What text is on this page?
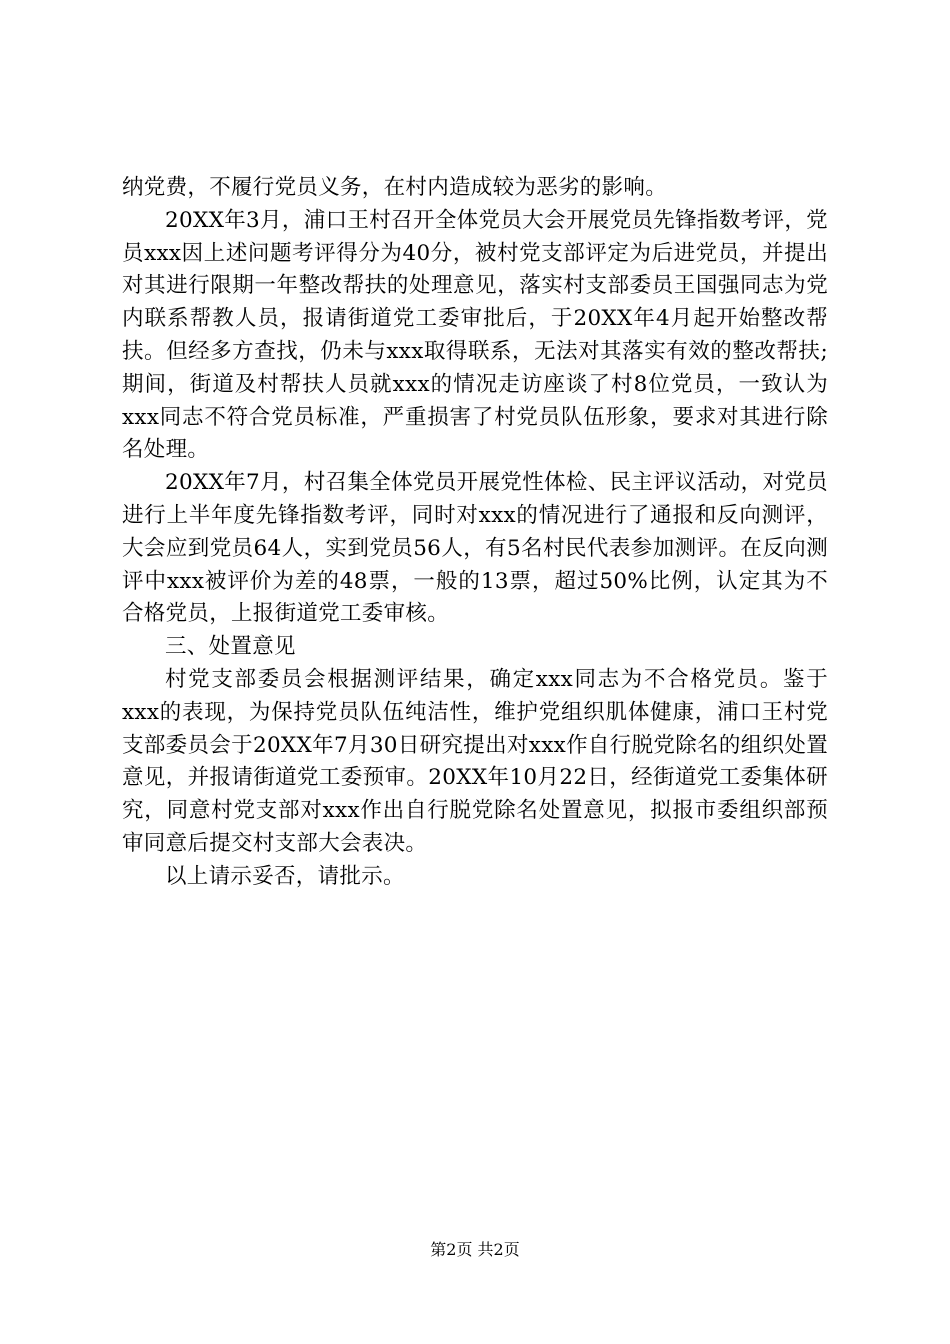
纳党费，不履行党员义务，在村内造成较为恶劣的影响。

20XX年3月，浦口王村召开全体党员大会开展党员先锋指数考评，党员xxx因上述问题考评得分为40分，被村党支部评定为后进党员，并提出对其进行限期一年整改帮扶的处理意见，落实村支部委员王国强同志为党内联系帮教人员，报请街道党工委审批后，于20XX年4月起开始整改帮扶。但经多方查找，仍未与xxx取得联系，无法对其落实有效的整改帮扶;期间，街道及村帮扶人员就xxx的情况走访座谈了村8位党员，一致认为xxx同志不符合党员标准，严重损害了村党员队伍形象，要求对其进行除名处理。

20XX年7月，村召集全体党员开展党性体检、民主评议活动，对党员进行上半年度先锋指数考评，同时对xxx的情况进行了通报和反向测评，大会应到党员64人，实到党员56人，有5名村民代表参加测评。在反向测评中xxx被评价为差的48票，一般的13票，超过50%比例，认定其为不合格党员，上报街道党工委审核。

三、处置意见

村党支部委员会根据测评结果，确定xxx同志为不合格党员。鉴于xxx的表现，为保持党员队伍纯洁性，维护党组织肌体健康，浦口王村党支部委员会于20XX年7月30日研究提出对xxx作自行脱党除名的组织处置意见，并报请街道党工委预审。20XX年10月22日，经街道党工委集体研究，同意村党支部对xxx作出自行脱党除名处置意见，拟报市委组织部预审同意后提交村支部大会表决。

以上请示妥否，请批示。

第2页 共2页
